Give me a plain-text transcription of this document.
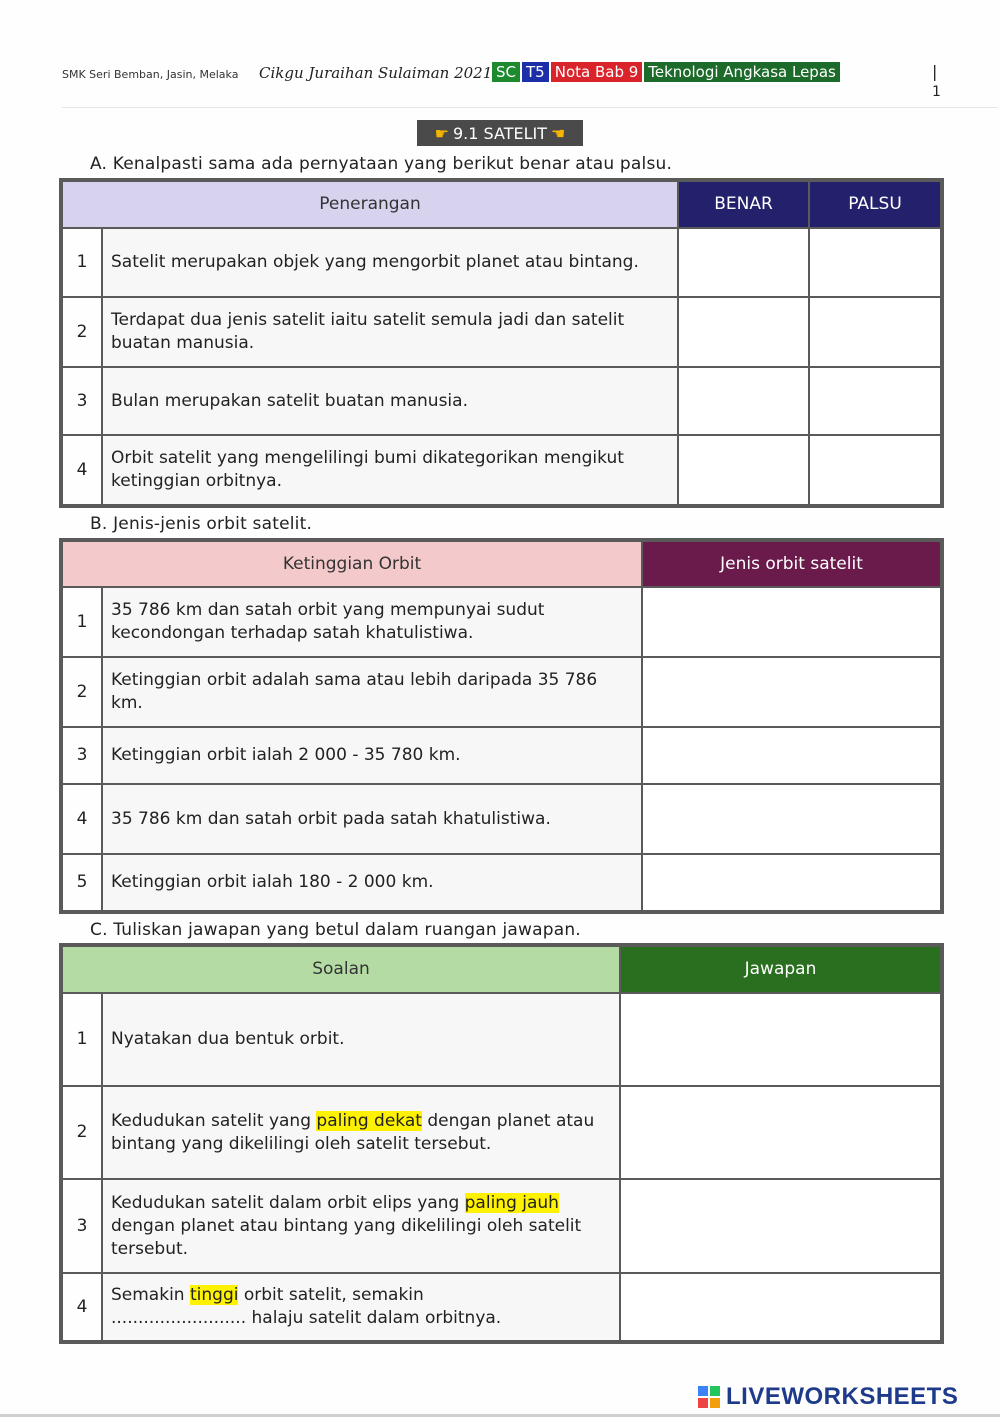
SMK Seri Bemban, Jasin, Melaka Cikgu Juraihan Sulaiman 2021 SC T5 Nota Bab 9 Teknologi Angkasa Lepas	|
1
☛ 9.1 SATELIT ☚
A. Kenalpasti sama ada pernyataan yang berikut benar atau palsu.
Penerangan		BENAR	PALSU
1	Satelit merupakan objek yang mengorbit planet atau bintang.		
2	Terdapat dua jenis satelit iaitu satelit semula jadi dan satelit buatan manusia.		
3	Bulan merupakan satelit buatan manusia.		
4	Orbit satelit yang mengelilingi bumi dikategorikan mengikut ketinggian orbitnya.		
B. Jenis-jenis orbit satelit.
Ketinggian Orbit		Jenis orbit satelit
1	35 786 km dan satah orbit yang mempunyai sudut kecondongan terhadap satah khatulistiwa.	
2	Ketinggian orbit adalah sama atau lebih daripada 35 786 km.	
3	Ketinggian orbit ialah 2 000 - 35 780 km.	
4	35 786 km dan satah orbit pada satah khatulistiwa.	
5	Ketinggian orbit ialah 180 - 2 000 km.	
C. Tuliskan jawapan yang betul dalam ruangan jawapan.
Soalan		Jawapan
1	Nyatakan dua bentuk orbit.	
2	Kedudukan satelit yang paling dekat dengan planet atau bintang yang dikelilingi oleh satelit tersebut.	
3	Kedudukan satelit dalam orbit elips yang paling jauh dengan planet atau bintang yang dikelilingi oleh satelit tersebut.	
4	Semakin tinggi orbit satelit, semakin
......................... halaju satelit dalam orbitnya.	
LIVEWORKSHEETS
